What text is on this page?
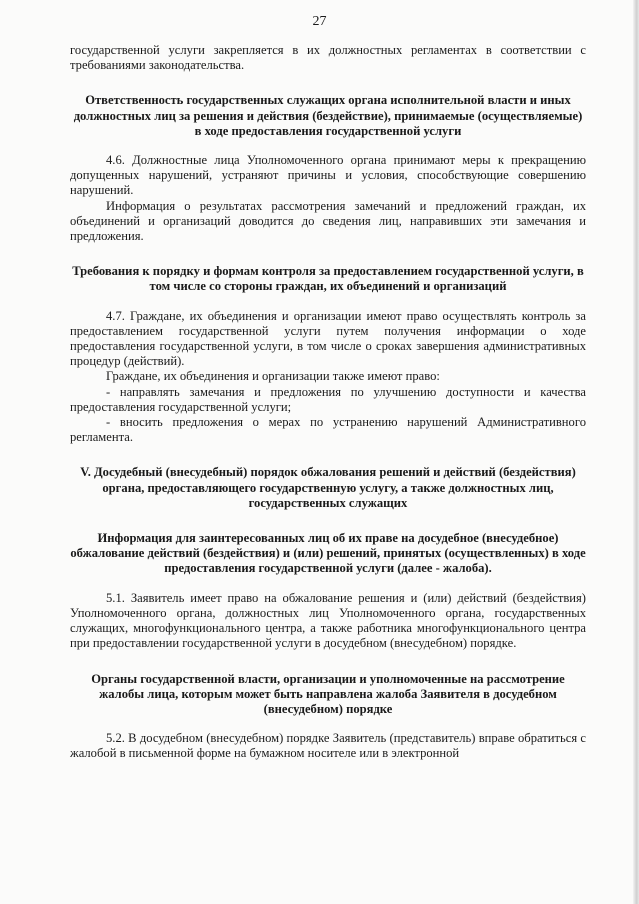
27

государственной услуги закрепляется в их должностных регламентах в соответствии с требованиями законодательства.

Ответственность государственных служащих органа исполнительной власти и иных должностных лиц за решения и действия (бездействие), принимаемые (осуществляемые) в ходе предоставления государственной услуги

4.6. Должностные лица Уполномоченного органа принимают меры к прекращению допущенных нарушений, устраняют причины и условия, способствующие совершению нарушений.

Информация о результатах рассмотрения замечаний и предложений граждан, их объединений и организаций доводится до сведения лиц, направивших эти замечания и предложения.

Требования к порядку и формам контроля за предоставлением государственной услуги, в том числе со стороны граждан, их объединений и организаций

4.7. Граждане, их объединения и организации имеют право осуществлять контроль за предоставлением государственной услуги путем получения информации о ходе предоставления государственной услуги, в том числе о сроках завершения административных процедур (действий).

Граждане, их объединения и организации также имеют право:

- направлять замечания и предложения по улучшению доступности и качества предоставления государственной услуги;

- вносить предложения о мерах по устранению нарушений Административного регламента.

V. Досудебный (внесудебный) порядок обжалования решений и действий (бездействия) органа, предоставляющего государственную услугу, а также должностных лиц, государственных служащих

Информация для заинтересованных лиц об их праве на досудебное (внесудебное) обжалование действий (бездействия) и (или) решений, принятых (осуществленных) в ходе предоставления государственной услуги (далее - жалоба).

5.1. Заявитель имеет право на обжалование решения и (или) действий (бездействия) Уполномоченного органа, должностных лиц Уполномоченного органа, государственных служащих, многофункционального центра, а также работника многофункционального центра при предоставлении государственной услуги в досудебном (внесудебном) порядке.

Органы государственной власти, организации и уполномоченные на рассмотрение жалобы лица, которым может быть направлена жалоба Заявителя в досудебном (внесудебном) порядке

5.2. В досудебном (внесудебном) порядке Заявитель (представитель) вправе обратиться с жалобой в письменной форме на бумажном носителе или в электронной
